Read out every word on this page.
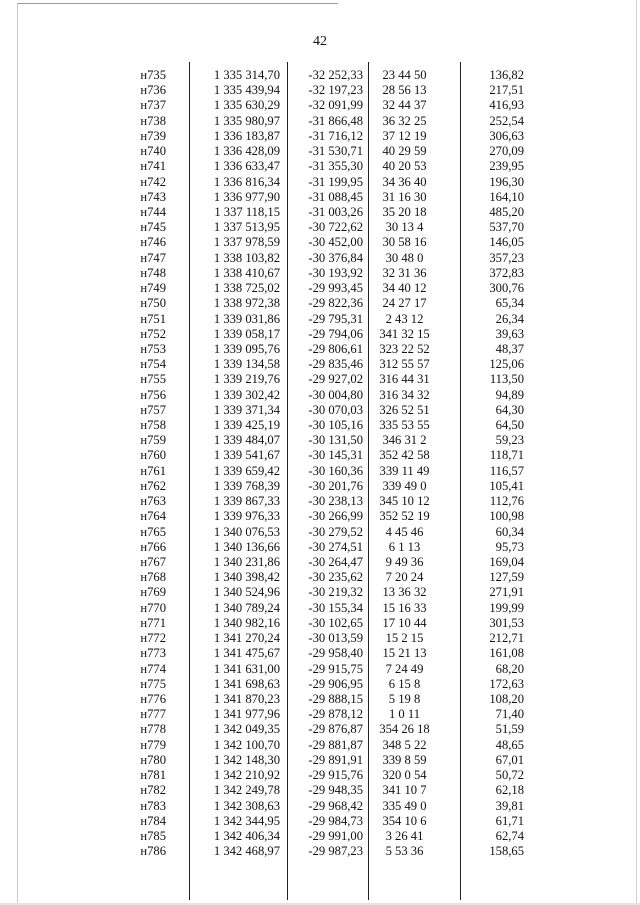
42
н735	1 335 314,70	-32 252,33	23 44 50	136,82
н736	1 335 439,94	-32 197,23	28 56 13	217,51
н737	1 335 630,29	-32 091,99	32 44 37	416,93
н738	1 335 980,97	-31 866,48	36 32 25	252,54
н739	1 336 183,87	-31 716,12	37 12 19	306,63
н740	1 336 428,09	-31 530,71	40 29 59	270,09
н741	1 336 633,47	-31 355,30	40 20 53	239,95
н742	1 336 816,34	-31 199,95	34 36 40	196,30
н743	1 336 977,90	-31 088,45	31 16 30	164,10
н744	1 337 118,15	-31 003,26	35 20 18	485,20
н745	1 337 513,95	-30 722,62	30 13 4	537,70
н746	1 337 978,59	-30 452,00	30 58 16	146,05
н747	1 338 103,82	-30 376,84	30 48 0	357,23
н748	1 338 410,67	-30 193,92	32 31 36	372,83
н749	1 338 725,02	-29 993,45	34 40 12	300,76
н750	1 338 972,38	-29 822,36	24 27 17	65,34
н751	1 339 031,86	-29 795,31	2 43 12	26,34
н752	1 339 058,17	-29 794,06	341 32 15	39,63
н753	1 339 095,76	-29 806,61	323 22 52	48,37
н754	1 339 134,58	-29 835,46	312 55 57	125,06
н755	1 339 219,76	-29 927,02	316 44 31	113,50
н756	1 339 302,42	-30 004,80	316 34 32	94,89
н757	1 339 371,34	-30 070,03	326 52 51	64,30
н758	1 339 425,19	-30 105,16	335 53 55	64,50
н759	1 339 484,07	-30 131,50	346 31 2	59,23
н760	1 339 541,67	-30 145,31	352 42 58	118,71
н761	1 339 659,42	-30 160,36	339 11 49	116,57
н762	1 339 768,39	-30 201,76	339 49 0	105,41
н763	1 339 867,33	-30 238,13	345 10 12	112,76
н764	1 339 976,33	-30 266,99	352 52 19	100,98
н765	1 340 076,53	-30 279,52	4 45 46	60,34
н766	1 340 136,66	-30 274,51	6 1 13	95,73
н767	1 340 231,86	-30 264,47	9 49 36	169,04
н768	1 340 398,42	-30 235,62	7 20 24	127,59
н769	1 340 524,96	-30 219,32	13 36 32	271,91
н770	1 340 789,24	-30 155,34	15 16 33	199,99
н771	1 340 982,16	-30 102,65	17 10 44	301,53
н772	1 341 270,24	-30 013,59	15 2 15	212,71
н773	1 341 475,67	-29 958,40	15 21 13	161,08
н774	1 341 631,00	-29 915,75	7 24 49	68,20
н775	1 341 698,63	-29 906,95	6 15 8	172,63
н776	1 341 870,23	-29 888,15	5 19 8	108,20
н777	1 341 977,96	-29 878,12	1 0 11	71,40
н778	1 342 049,35	-29 876,87	354 26 18	51,59
н779	1 342 100,70	-29 881,87	348 5 22	48,65
н780	1 342 148,30	-29 891,91	339 8 59	67,01
н781	1 342 210,92	-29 915,76	320 0 54	50,72
н782	1 342 249,78	-29 948,35	341 10 7	62,18
н783	1 342 308,63	-29 968,42	335 49 0	39,81
н784	1 342 344,95	-29 984,73	354 10 6	61,71
н785	1 342 406,34	-29 991,00	3 26 41	62,74
н786	1 342 468,97	-29 987,23	5 53 36	158,65
